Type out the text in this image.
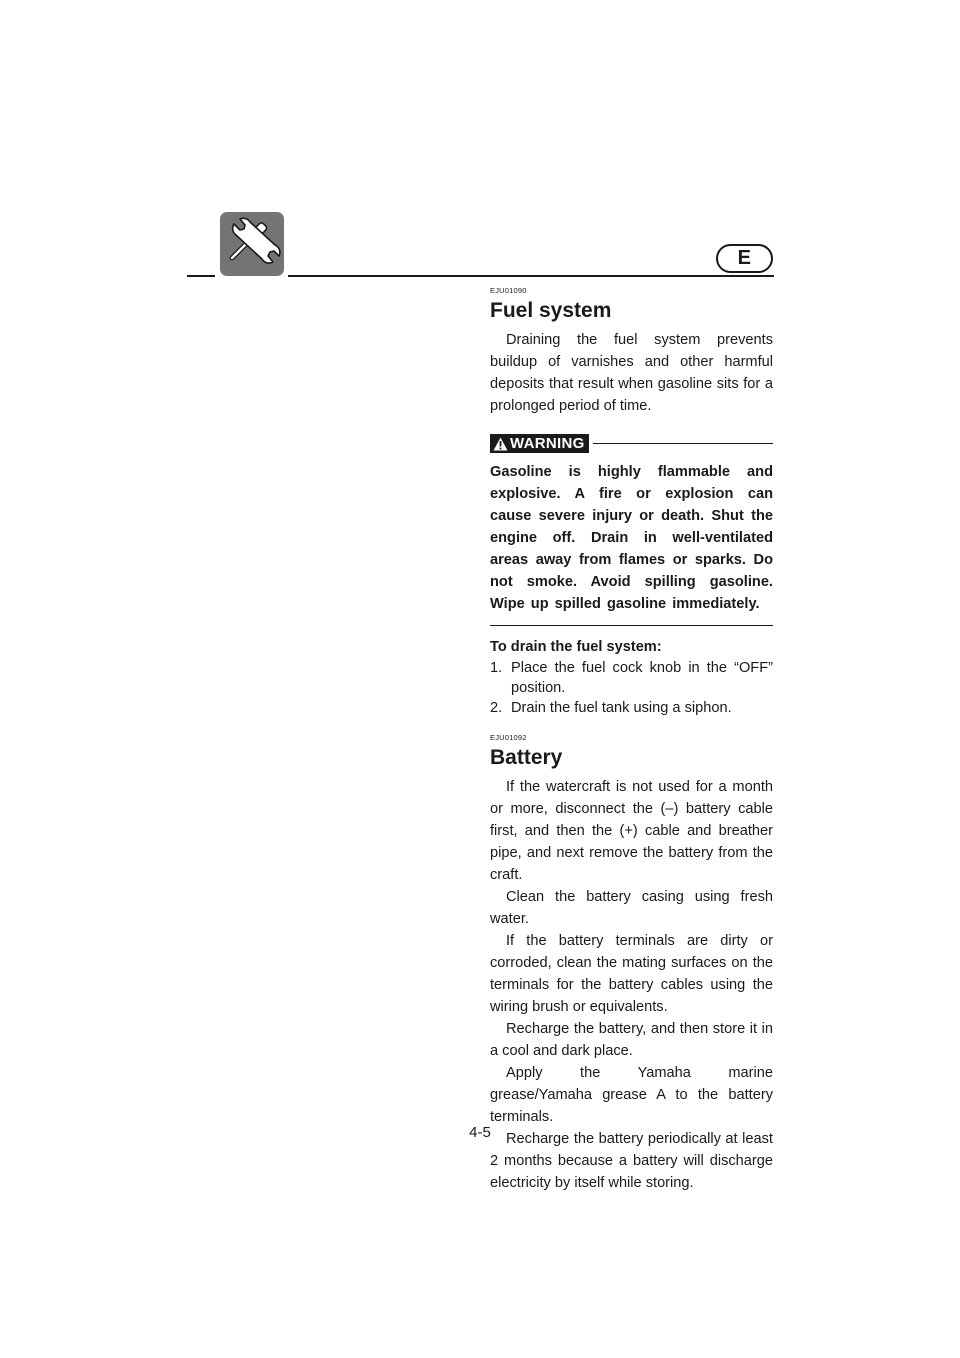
E

EJU01090

Fuel system

Draining the fuel system prevents buildup of varnishes and other harmful deposits that result when gasoline sits for a prolonged period of time.

WARNING

Gasoline is highly flammable and explosive. A fire or explosion can cause severe injury or death. Shut the engine off. Drain in well-ventilated areas away from flames or sparks. Do not smoke. Avoid spilling gasoline. Wipe up spilled gasoline immediately.

To drain the fuel system:
1. Place the fuel cock knob in the “OFF” position.
2. Drain the fuel tank using a siphon.

EJU01092

Battery

If the watercraft is not used for a month or more, disconnect the (–) battery cable first, and then the (+) cable and breather pipe, and next remove the battery from the craft.

Clean the battery casing using fresh water.

If the battery terminals are dirty or corroded, clean the mating surfaces on the terminals for the battery cables using the wiring brush or equivalents.

Recharge the battery, and then store it in a cool and dark place.

Apply the Yamaha marine grease/Yamaha grease A to the battery terminals.

Recharge the battery periodically at least 2 months because a battery will discharge electricity by itself while storing.

4-5
